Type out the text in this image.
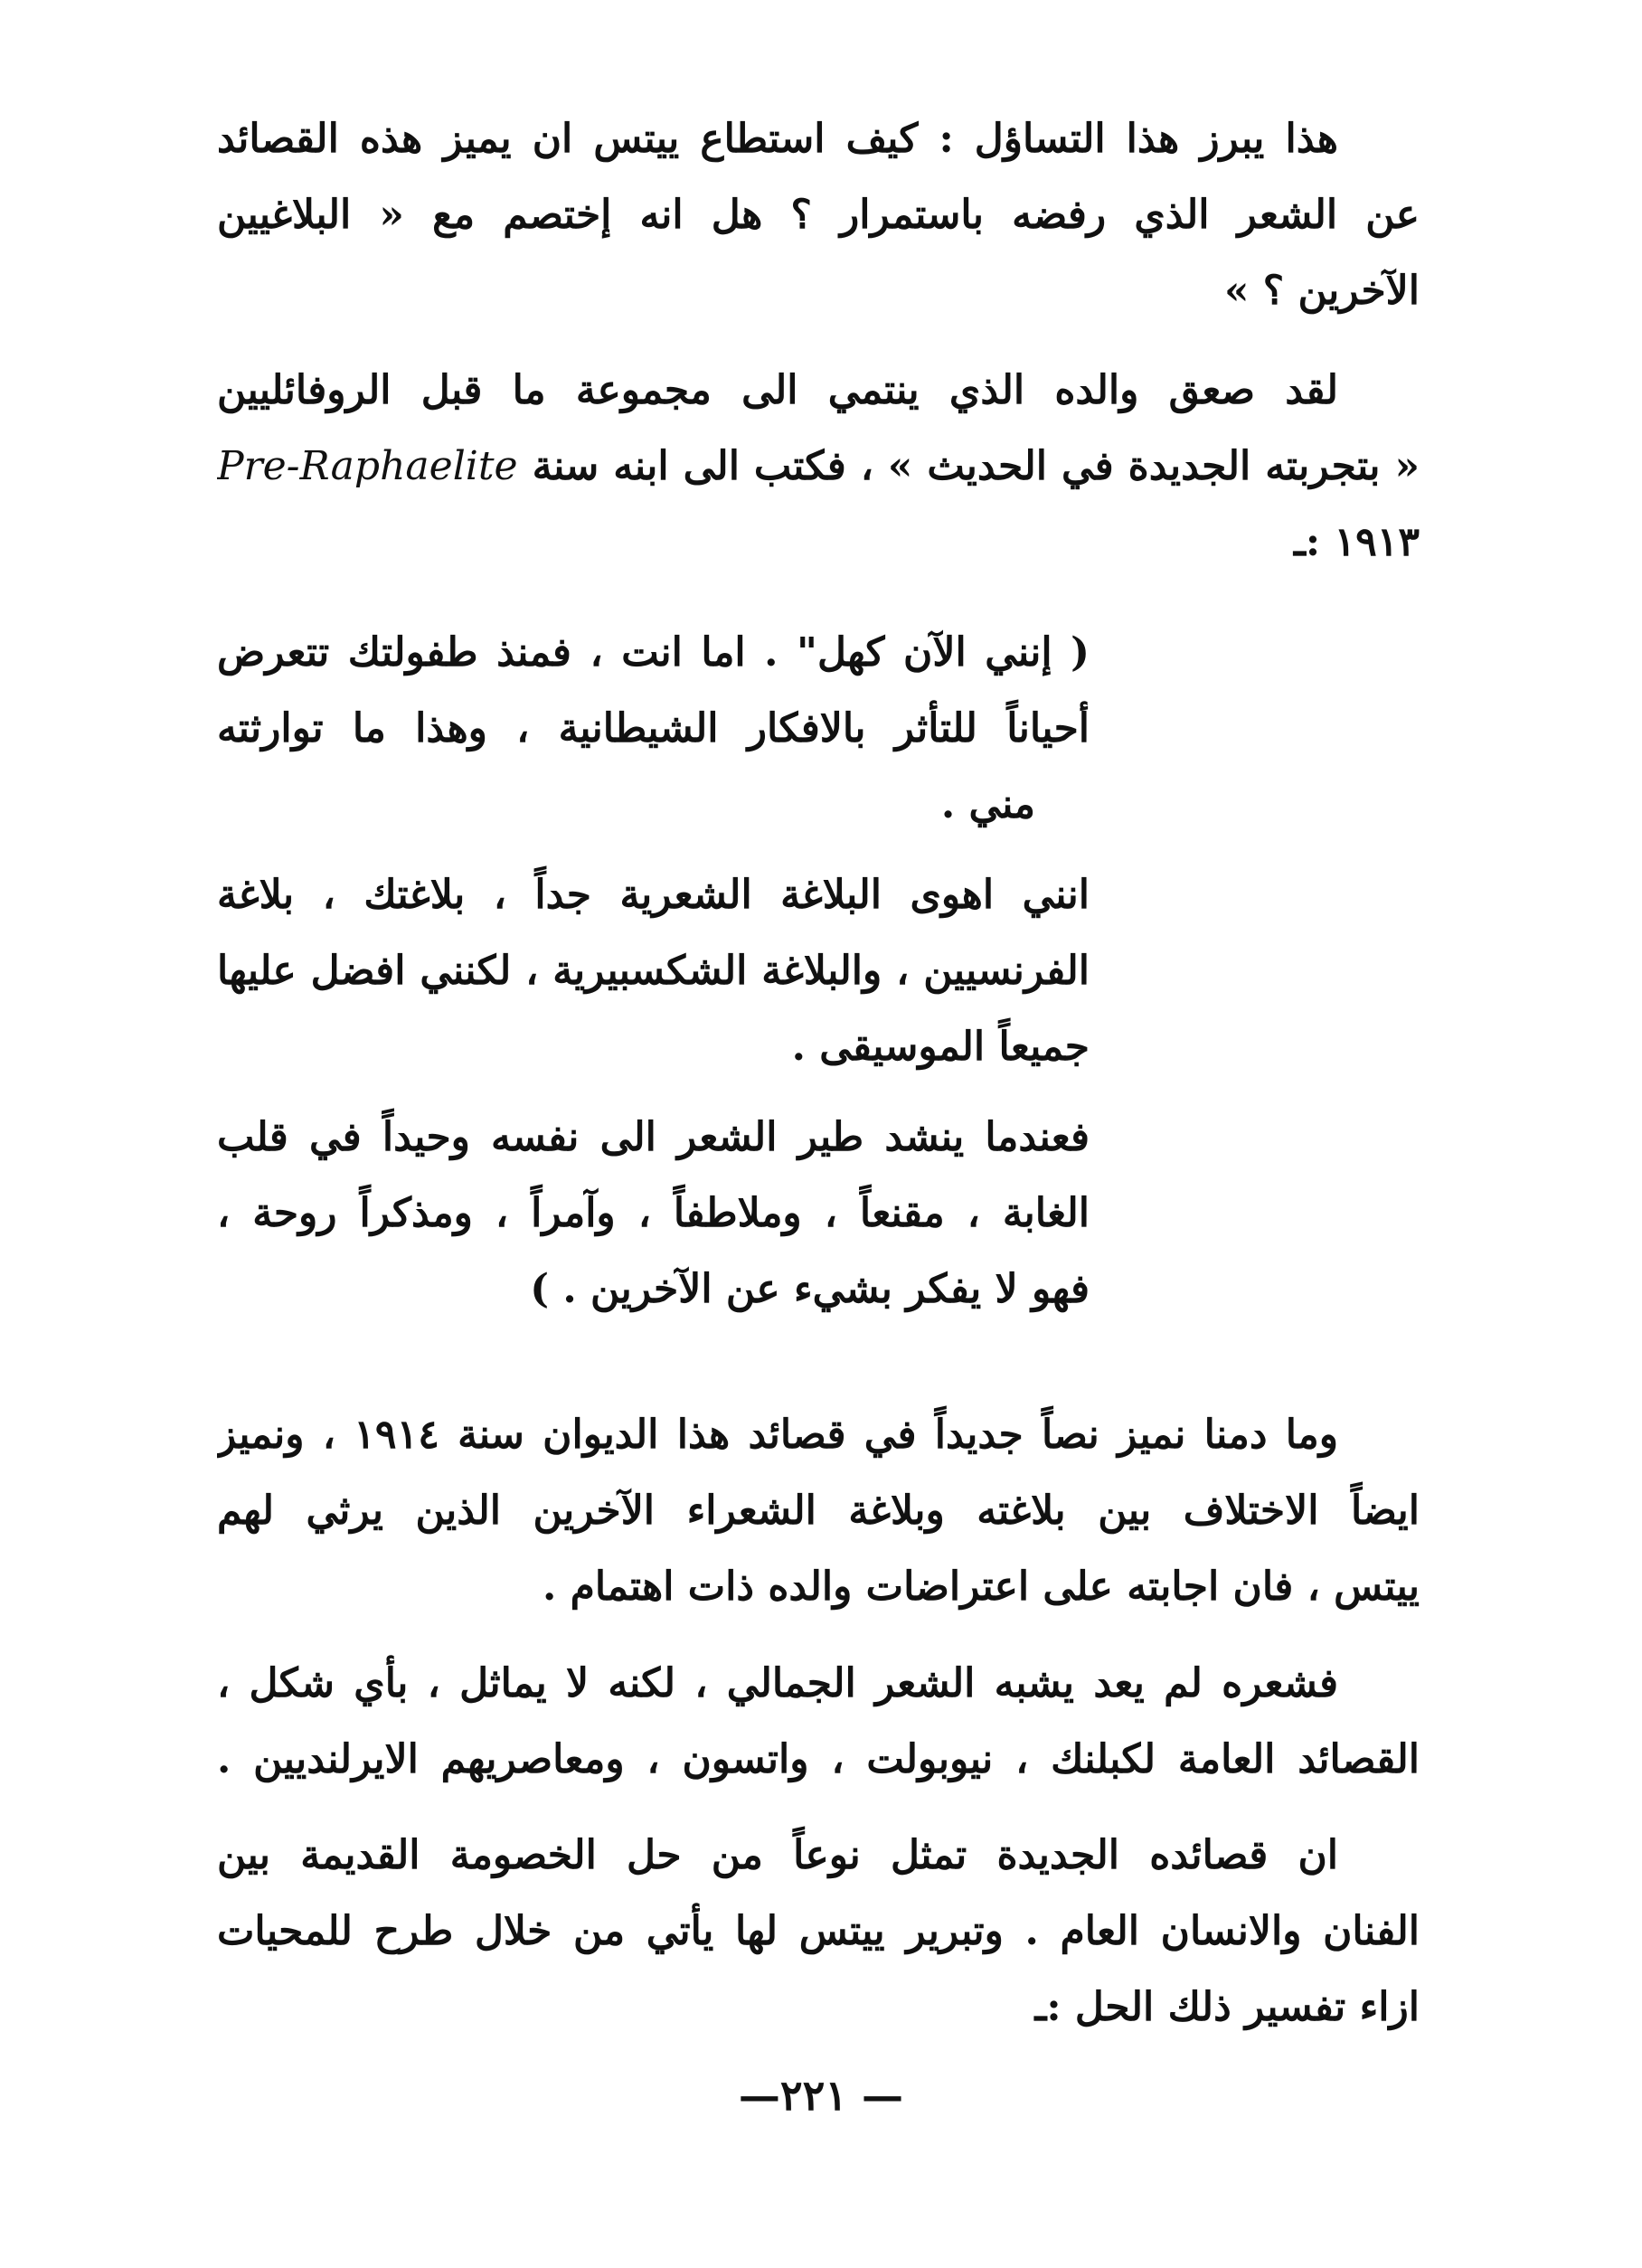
هذا يبرز هذا التساؤل : كيف استطاع ييتس ان يميز هذه القصائد
عن الشعر الذي رفضه باستمرار ؟ هل انه إختصم مع « البلاغيين
الآخرين ؟ »
لقد صعق والده الذي ينتمي الى مجموعة ما قبل الروفائليين
« بتجربته الجديدة في الحديث » ، فكتب الى ابنه سنة Pre-Raphaelite
١٩١٣ :ـ
( إنني الآن كهل" . اما انت ، فمنذ طفولتك تتعرض
أحياناً للتأثر بالافكار الشيطانية ، وهذا ما توارثته
مني .
انني اهوى البلاغة الشعرية جداً ، بلاغتك ، بلاغة
الفرنسيين ، والبلاغة الشكسبيرية ، لكنني افضل عليها
جميعاً الموسيقى .
فعندما ينشد طير الشعر الى نفسه وحيداً في قلب
الغابة ، مقنعاً ، وملاطفاً ، وآمراً ، ومذكراً روحة ،
فهو لا يفكر بشيء عن الآخرين . )
وما دمنا نميز نصاً جديداً في قصائد هذا الديوان سنة ١٩١٤ ، ونميز
ايضاً الاختلاف بين بلاغته وبلاغة الشعراء الآخرين الذين يرثي لهم
ييتس ، فان اجابته على اعتراضات والده ذات اهتمام .
فشعره لم يعد يشبه الشعر الجمالي ، لكنه لا يماثل ، بأي شكل ،
القصائد العامة لكبلنك ، نيوبولت ، واتسون ، ومعاصريهم الايرلنديين .
ان قصائده الجديدة تمثل نوعاً من حل الخصومة القديمة بين
الفنان والانسان العام . وتبرير ييتس لها يأتي من خلال طرح للمحيات
ازاء تفسير ذلك الحل :ـ
—٢٢١ —
